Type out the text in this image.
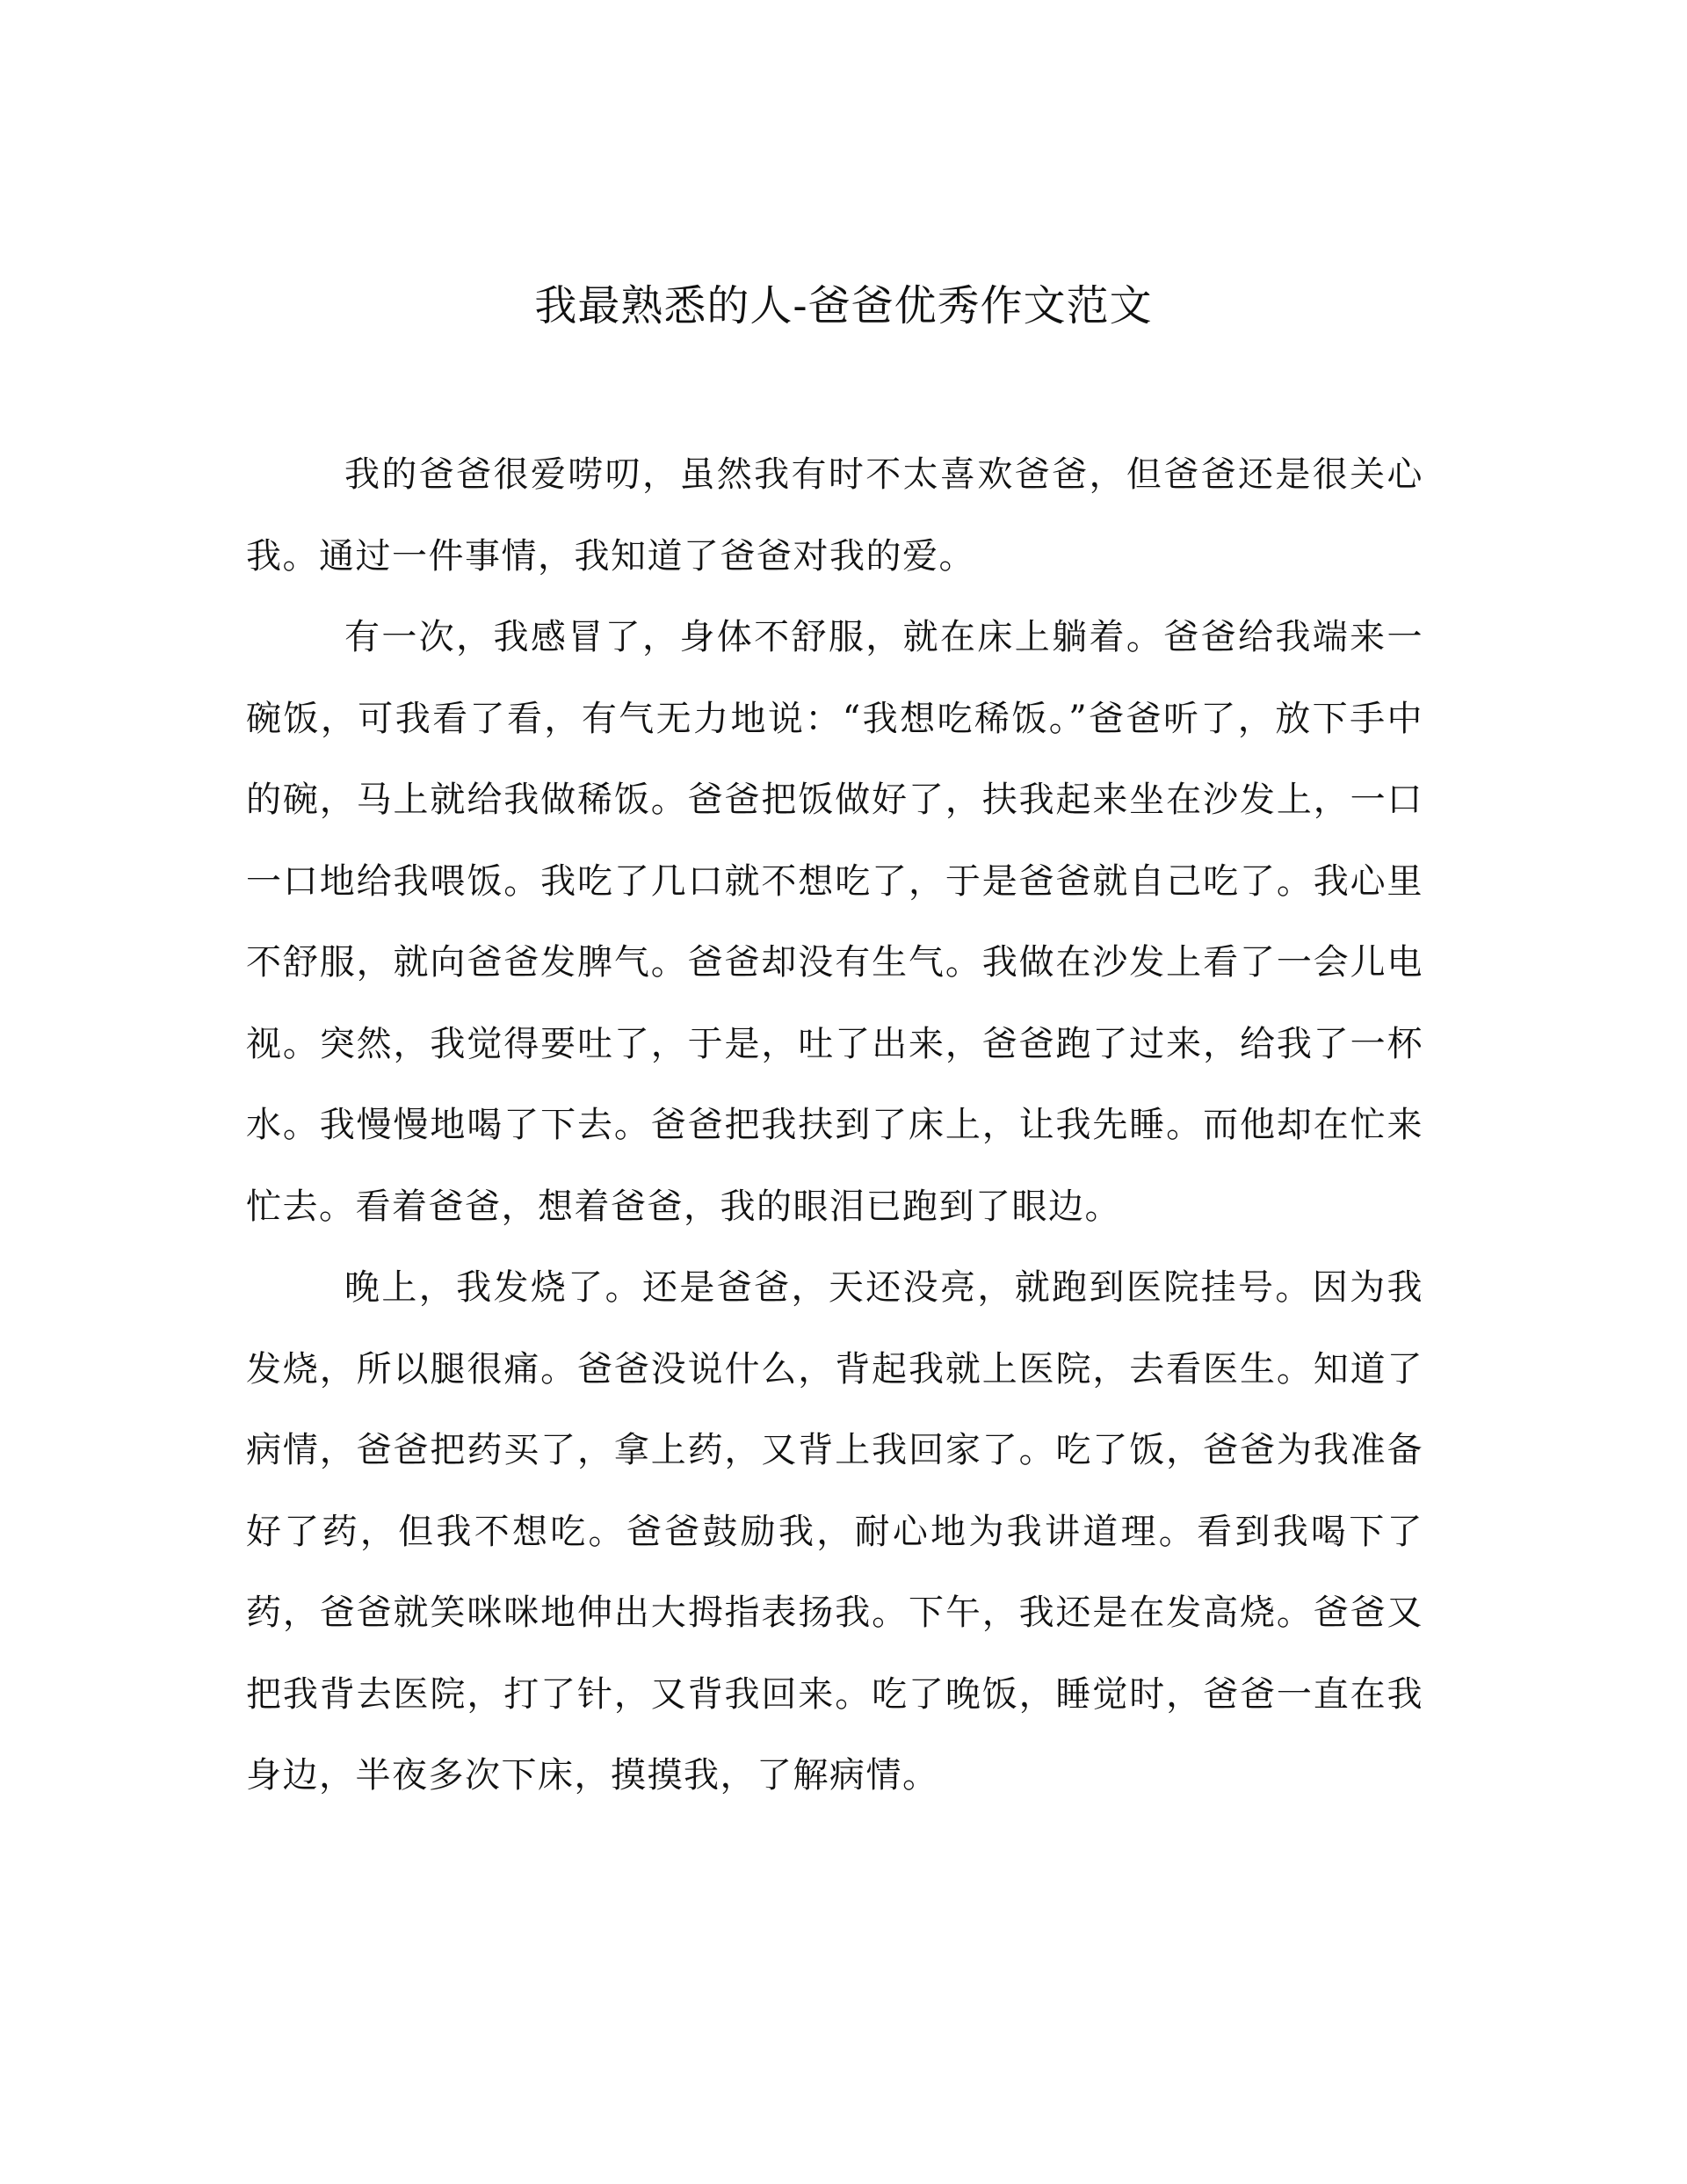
我最熟悉的人-爸爸优秀作文范文

我的爸爸很爱唠叨，虽然我有时不太喜欢爸爸，但爸爸还是很关心我。通过一件事情，我知道了爸爸对我的爱。

有一次，我感冒了，身体不舒服，就在床上躺着。爸爸给我端来一碗饭，可我看了看，有气无力地说：“我想吃稀饭。”爸爸听了，放下手中的碗，马上就给我做稀饭。爸爸把饭做好了，扶我起来坐在沙发上，一口一口地给我喂饭。我吃了几口就不想吃了，于是爸爸就自己吃了。我心里不舒服，就向爸爸发脾气。爸爸却没有生气。我做在沙发上看了一会儿电视。突然，我觉得要吐了，于是，吐了出来，爸爸跑了过来，给我了一杯水。我慢慢地喝了下去。爸爸把我扶到了床上，让我先睡。而他却在忙来忙去。看着爸爸，想着爸爸，我的眼泪已跑到了眼边。

晚上，我发烧了。还是爸爸，天还没亮，就跑到医院挂号。因为我发烧，所以腿很痛。爸爸没说什么，背起我就上医院，去看医生。知道了病情，爸爸把药买了，拿上药，又背上我回家了。吃了饭，爸爸为我准备好了药，但我不想吃。爸爸鼓励我，耐心地为我讲道理。看到我喝下了药，爸爸就笑咪咪地伸出大拇指表扬我。下午，我还是在发高烧。爸爸又把我背去医院，打了针，又背我回来。吃了晚饭，睡觉时，爸爸一直在我身边，半夜多次下床，摸摸我，了解病情。
